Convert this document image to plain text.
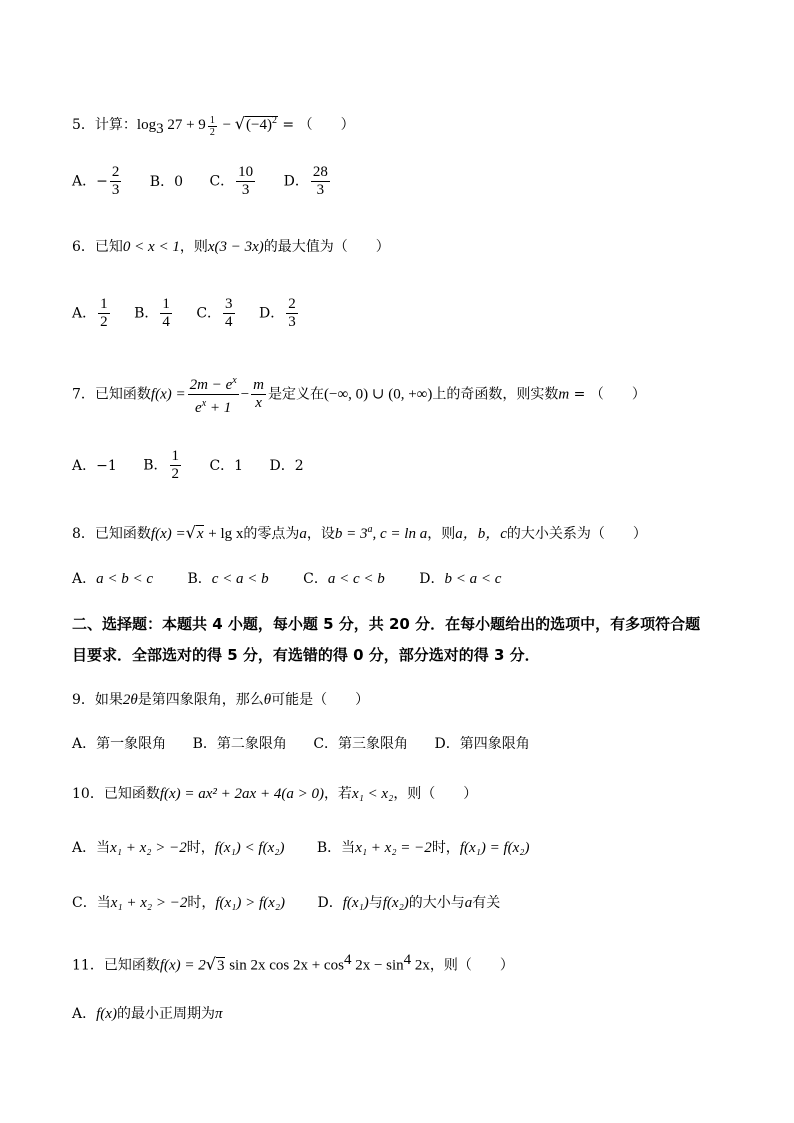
5．计算：$\log_3 27 + 9 \frac{1}{2} - √(-4)^2$ = （　　）
A．− $\frac{2}{3}$ B．0 C． $\frac{10}{3}$ D． $\frac{28}{3}$
6．已知0 < x < 1，则x(3 − 3x)的最大值为（　　）
A． $\frac{1}{2}$ B． $\frac{1}{4}$ C． $\frac{3}{4}$ D． $\frac{2}{3}$
7．已知函数$f(x) = \frac{2m - e^x}{e^x + 1} - \frac{m}{x}$ 是定义在(−∞, 0) ∪ (0, +∞)上的奇函数，则实数m = （　　）
A．−1 B． $\frac{1}{2}$ C．1 D．2
8．已知函数f(x) =√x + lg x的零点为a，设$b = 3^a$, c = ln a，则a，b，c的大小关系为（　　）
A．a < b < c B．c < a < b C．a < c < b D．b < a < c
二、选择题：本题共 4 小题，每小题 5 分，共 20 分．在每小题给出的选项中，有多项符合题
目要求．全部选对的得 5 分，有选错的得 0 分，部分选对的得 3 分．
9．如果2θ是第四象限角，那么θ可能是（　　）
A．第一象限角 B．第二象限角 C．第三象限角 D．第四象限角
10．已知函数f(x) = ax² + 2ax + 4(a > 0)，若x₁ < x₂，则（　　）
A．当x₁ + x₂ > −2时，f(x₁) < f(x₂) B．当x₁ + x₂ = −2时，f(x₁) = f(x₂)
C．当x₁ + x₂ > −2时，f(x₁) > f(x₂) D．f(x₁)与f(x₂)的大小与a有关
11．已知函数f(x) = 2√3 sin 2x $\cos 2x + \cos^4 2x - \sin^4 2x$，则（　　）
A．f(x)的最小正周期为π
